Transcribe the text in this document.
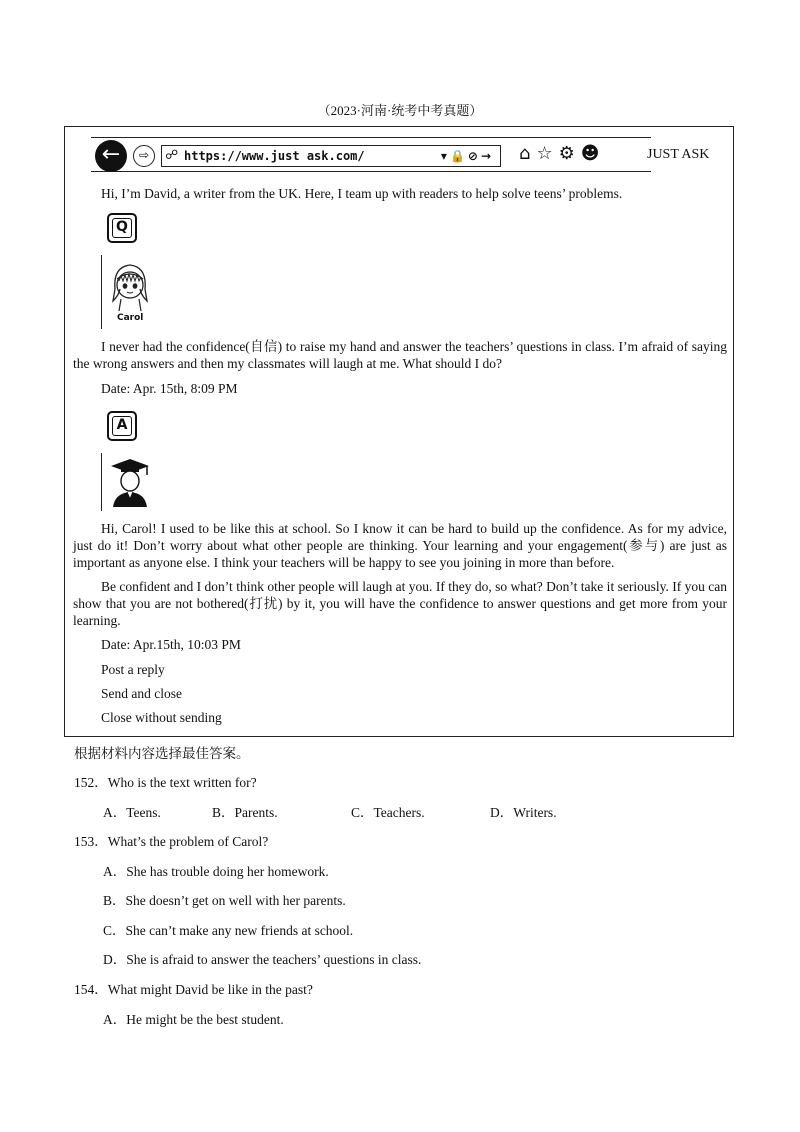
（2023·河南·统考中考真题）
←	⇨	☍ https://www.just ask.com/	▾🔒⊘→ ⌂☆⚙☻	JUST ASK

Hi, I’m David, a writer from the UK. Here, I team up with readers to help solve teens’ problems.

Q
Carol

I never had the confidence(自信) to raise my hand and answer the teachers’ questions in class. I’m afraid of saying the wrong answers and then my classmates will laugh at me. What should I do?

Date: Apr. 15th, 8:09 PM

A

Hi, Carol! I used to be like this at school. So I know it can be hard to build up the confidence. As for my advice, just do it! Don’t worry about what other people are thinking. Your learning and your engagement(参与) are just as important as anyone else. I think your teachers will be happy to see you joining in more than before.

Be confident and I don’t think other people will laugh at you. If they do, so what? Don’t take it seriously. If you can show that you are not bothered(打扰) by it, you will have the confidence to answer questions and get more from your learning.

Date: Apr.15th, 10:03 PM

Post a reply

Send and close

Close without sending

根据材料内容选择最佳答案。

152．Who is the text written for?

A．Teens.	B．Parents.	C．Teachers.	D．Writers.

153．What’s the problem of Carol?

A．She has trouble doing her homework.

B．She doesn’t get on well with her parents.

C．She can’t make any new friends at school.

D．She is afraid to answer the teachers’ questions in class.

154．What might David be like in the past?

A．He might be the best student.
